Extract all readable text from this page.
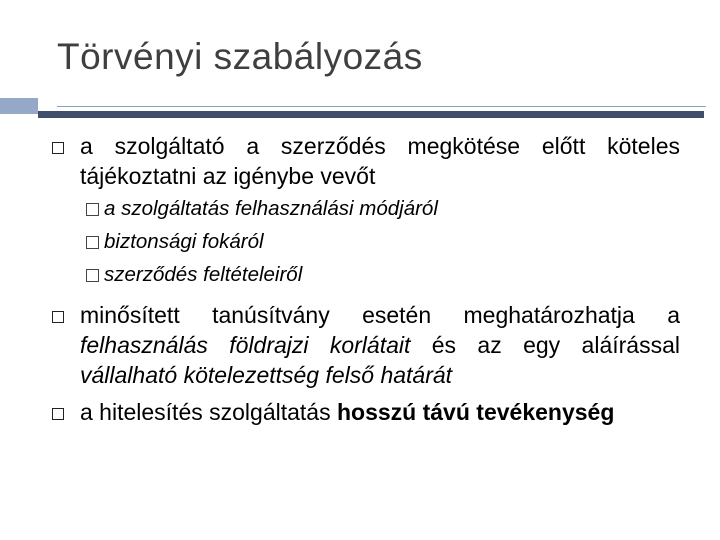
Törvényi szabályozás
a szolgáltató a szerződés megkötése előtt köteles tájékoztatni az igénybe vevőt
a szolgáltatás felhasználási módjáról
biztonsági fokáról
szerződés feltételeiről
minősített tanúsítvány esetén meghatározhatja a felhasználás földrajzi korlátait és az egy aláírással vállalható kötelezettség felső határát
a hitelesítés szolgáltatás hosszú távú tevékenység
